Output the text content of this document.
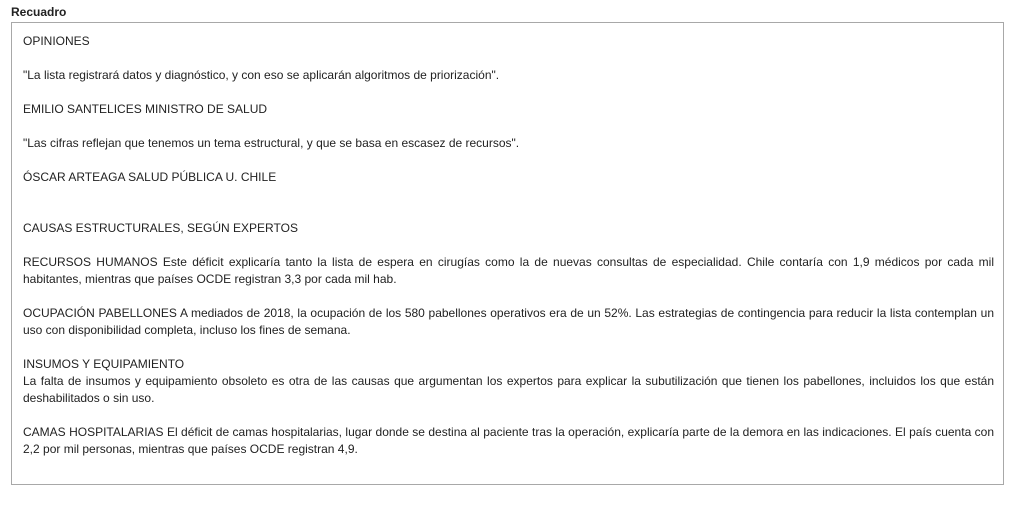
Recuadro

OPINIONES

"La lista registrará datos y diagnóstico, y con eso se aplicarán algoritmos de priorización".

EMILIO SANTELICES MINISTRO DE SALUD

"Las cifras reflejan que tenemos un tema estructural, y que se basa en escasez de recursos".

ÓSCAR ARTEAGA SALUD PÚBLICA U. CHILE

CAUSAS ESTRUCTURALES, SEGÚN EXPERTOS

RECURSOS HUMANOS Este déficit explicaría tanto la lista de espera en cirugías como la de nuevas consultas de especialidad. Chile contaría con 1,9 médicos por cada mil habitantes, mientras que países OCDE registran 3,3 por cada mil hab.

OCUPACIÓN PABELLONES A mediados de 2018, la ocupación de los 580 pabellones operativos era de un 52%. Las estrategias de contingencia para reducir la lista contemplan un uso con disponibilidad completa, incluso los fines de semana.

INSUMOS Y EQUIPAMIENTO

La falta de insumos y equipamiento obsoleto es otra de las causas que argumentan los expertos para explicar la subutilización que tienen los pabellones, incluidos los que están deshabilitados o sin uso.

CAMAS HOSPITALARIAS El déficit de camas hospitalarias, lugar donde se destina al paciente tras la operación, explicaría parte de la demora en las indicaciones. El país cuenta con 2,2 por mil personas, mientras que países OCDE registran 4,9.
